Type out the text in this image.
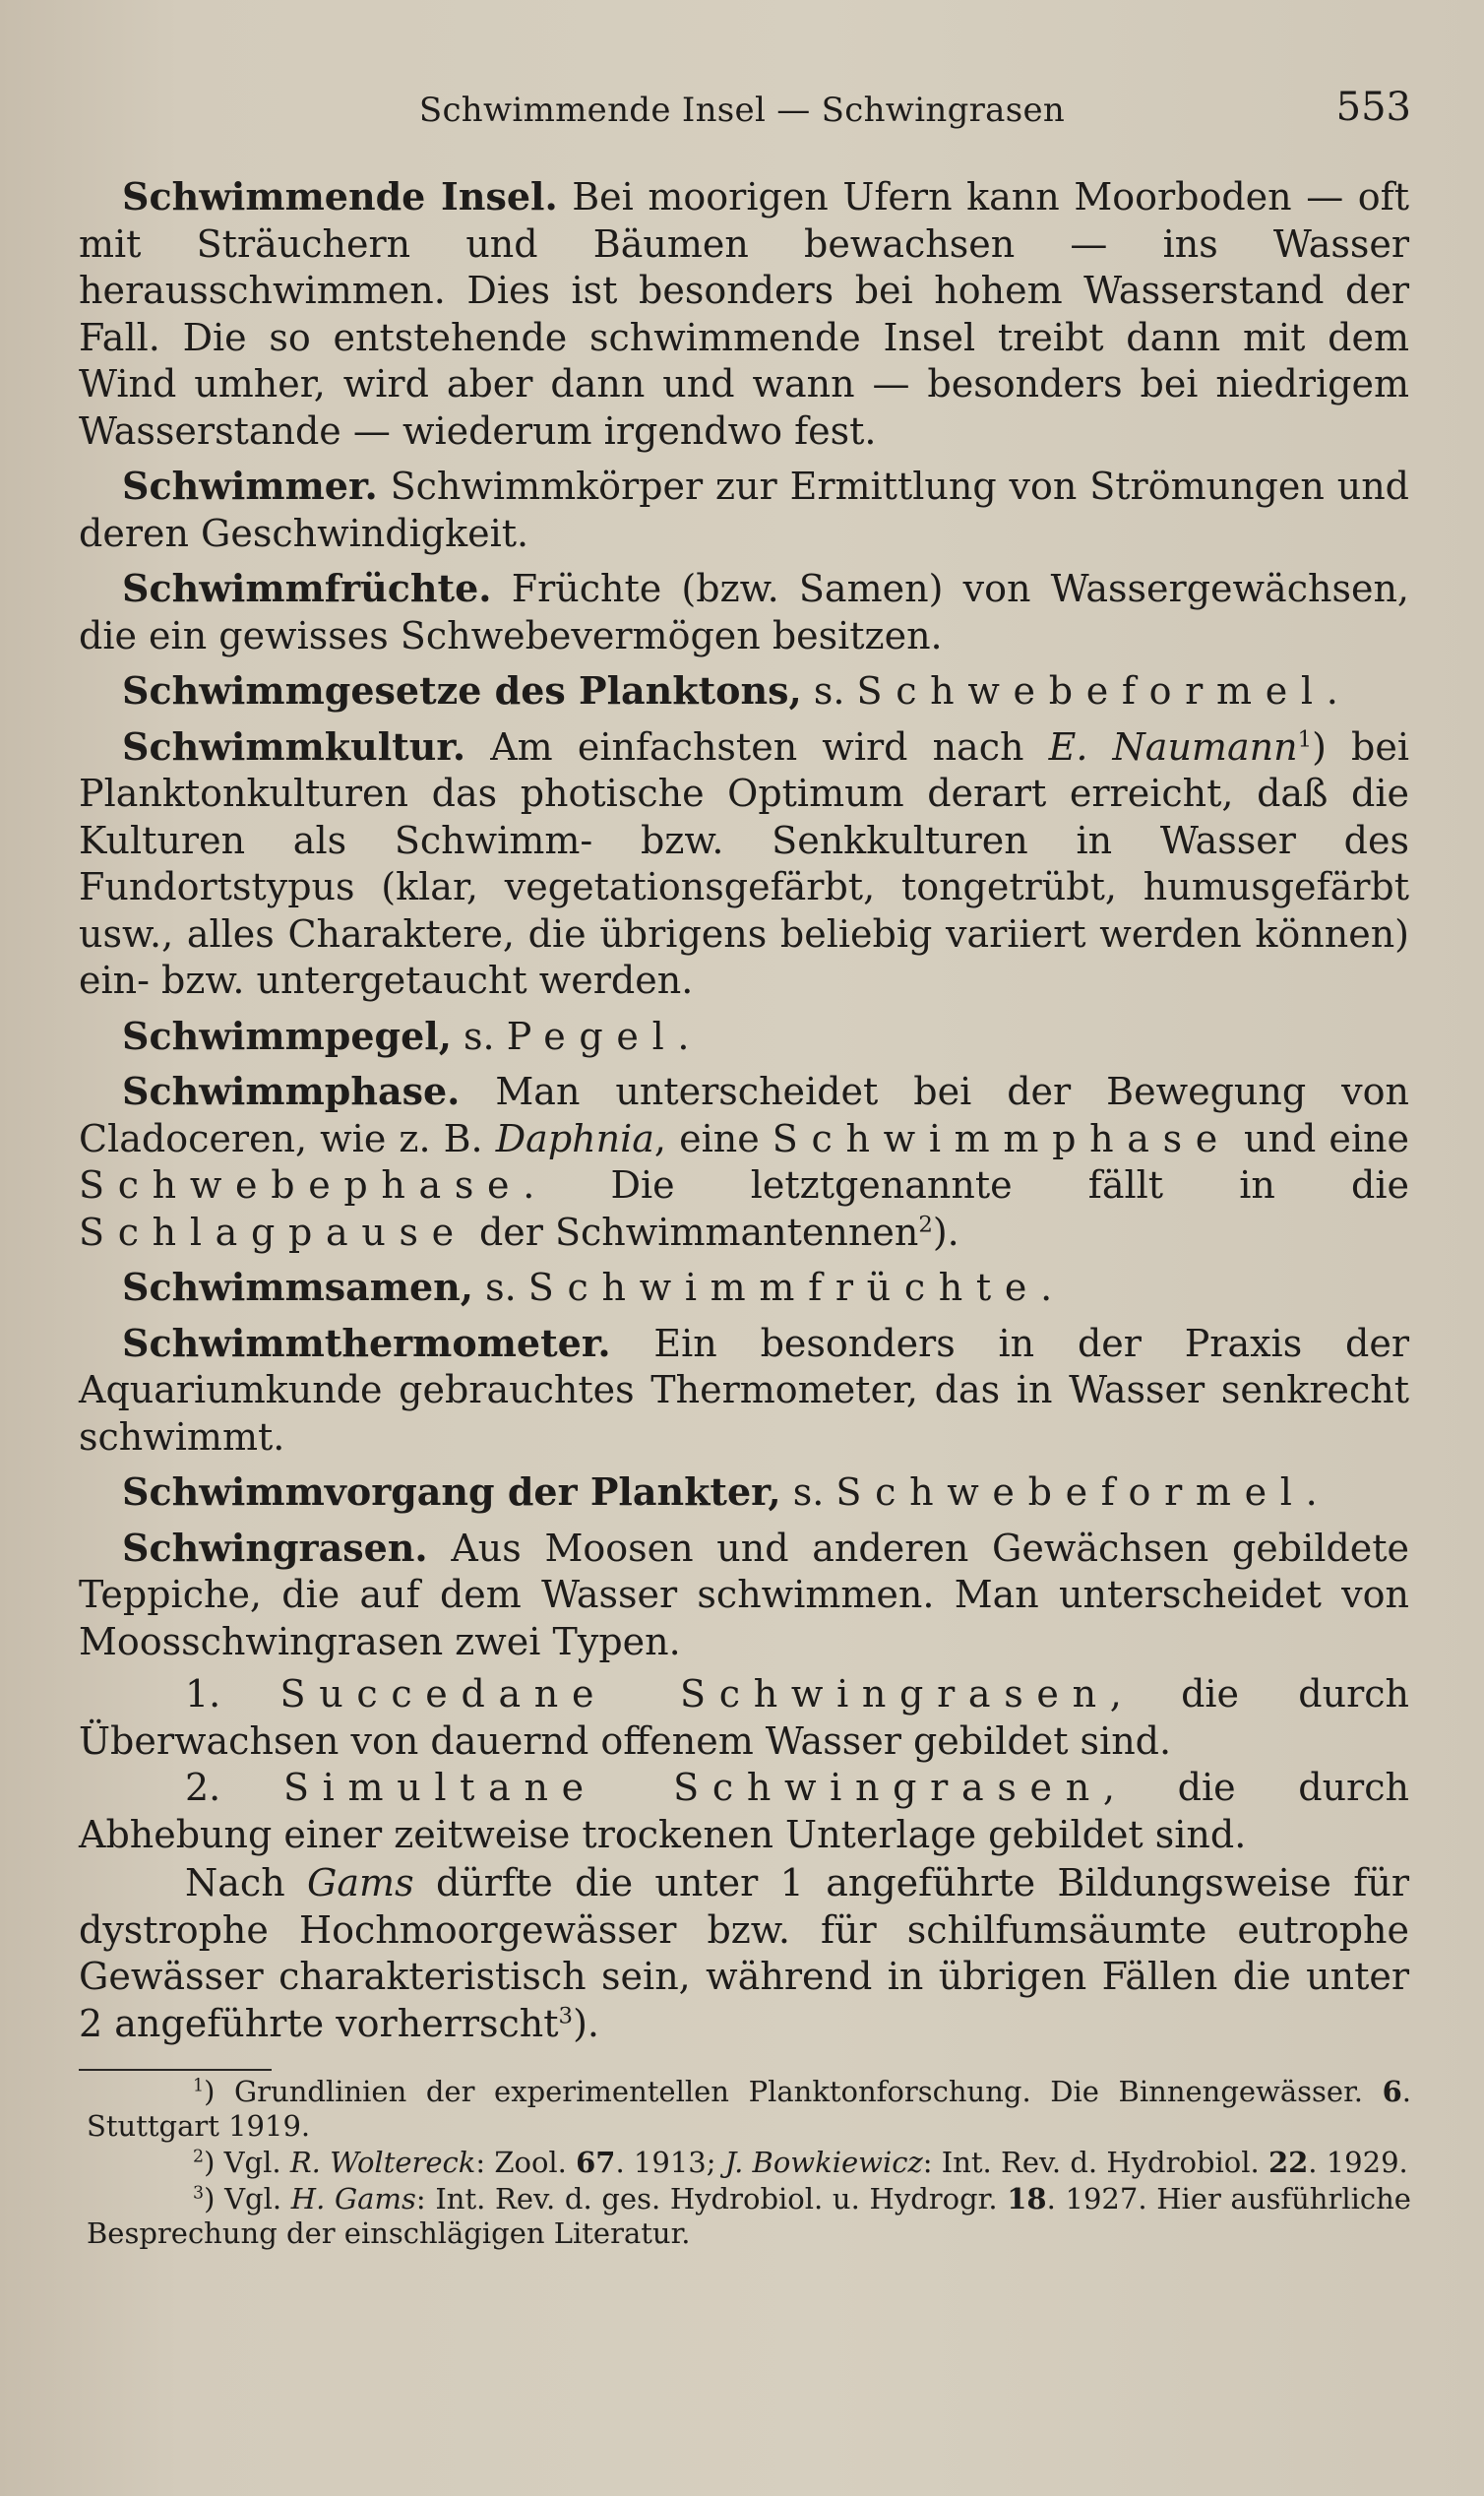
Schwimmende Insel — Schwingrasen	553

Schwimmende Insel. Bei moorigen Ufern kann Moorboden — oft mit Sträuchern und Bäumen bewachsen — ins Wasser herausschwimmen. Dies ist besonders bei hohem Wasserstand der Fall. Die so entstehende schwimmende Insel treibt dann mit dem Wind umher, wird aber dann und wann — besonders bei niedrigem Wasserstande — wiederum irgendwo fest.

Schwimmer. Schwimmkörper zur Ermittlung von Strömungen und deren Geschwindigkeit.

Schwimmfrüchte. Früchte (bzw. Samen) von Wassergewächsen, die ein gewisses Schwebevermögen besitzen.

Schwimmgesetze des Planktons, s. Schwebeformel.

Schwimmkultur. Am einfachsten wird nach E. Naumann$^1$) bei Planktonkulturen das photische Optimum derart erreicht, daß die Kulturen als Schwimm- bzw. Senkkulturen in Wasser des Fundortstypus (klar, vegetationsgefärbt, tongetrübt, humusgefärbt usw., alles Charaktere, die übrigens beliebig variiert werden können) ein- bzw. untergetaucht werden.

Schwimmpegel, s. Pegel.

Schwimmphase. Man unterscheidet bei der Bewegung von Cladoceren, wie z. B. Daphnia, eine Schwimmphase und eine Schwebephase. Die letztgenannte fällt in die Schlagpause der Schwimmantennen$^2$).

Schwimmsamen, s. Schwimmfrüchte.

Schwimmthermometer. Ein besonders in der Praxis der Aquariumkunde gebrauchtes Thermometer, das in Wasser senkrecht schwimmt.

Schwimmvorgang der Plankter, s. Schwebeformel.

Schwingrasen. Aus Moosen und anderen Gewächsen gebildete Teppiche, die auf dem Wasser schwimmen. Man unterscheidet von Moosschwingrasen zwei Typen.

1. Succedane Schwingrasen, die durch Überwachsen von dauernd offenem Wasser gebildet sind.

2. Simultane Schwingrasen, die durch Abhebung einer zeitweise trockenen Unterlage gebildet sind.

Nach Gams dürfte die unter 1 angeführte Bildungsweise für dystrophe Hochmoorgewässer bzw. für schilfumsäumte eutrophe Gewässer charakteristisch sein, während in übrigen Fällen die unter 2 angeführte vorherrscht$^3$).

$^1$) Grundlinien der experimentellen Planktonforschung. Die Binnengewässer. 6. Stuttgart 1919.

$^2$) Vgl. R. Woltereck: Zool. 67. 1913; J. Bowkiewicz: Int. Rev. d. Hydrobiol. 22. 1929.

$^3$) Vgl. H. Gams: Int. Rev. d. ges. Hydrobiol. u. Hydrogr. 18. 1927. Hier ausführliche Besprechung der einschlägigen Literatur.
